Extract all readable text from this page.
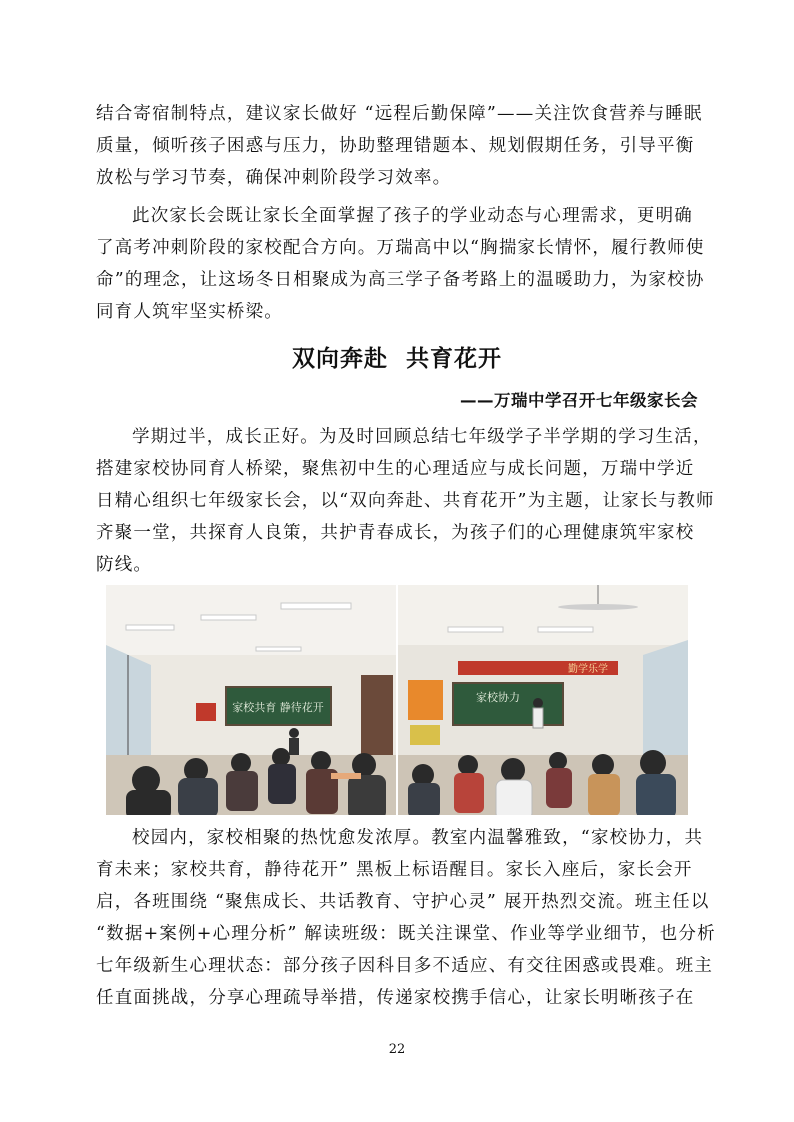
结合寄宿制特点，建议家长做好 “远程后勤保障”——关注饮食营养与睡眠
质量，倾听孩子困惑与压力，协助整理错题本、规划假期任务，引导平衡
放松与学习节奏，确保冲刺阶段学习效率。
此次家长会既让家长全面掌握了孩子的学业动态与心理需求，更明确
了高考冲刺阶段的家校配合方向。万瑞高中以“胸揣家长情怀，履行教师使
命”的理念，让这场冬日相聚成为高三学子备考路上的温暖助力，为家校协
同育人筑牢坚实桥梁。
双向奔赴  共育花开

——万瑞中学召开七年级家长会

学期过半，成长正好。为及时回顾总结七年级学子半学期的学习生活，
搭建家校协同育人桥梁，聚焦初中生的心理适应与成长问题，万瑞中学近
日精心组织七年级家长会，以“双向奔赴、共育花开”为主题，让家长与教师
齐聚一堂，共探育人良策，共护青春成长，为孩子们的心理健康筑牢家校
防线。
家校共育 静待花开
勤学乐学
家校协力
校园内，家校相聚的热忱愈发浓厚。教室内温馨雅致，“家校协力，共
育未来；家校共育，静待花开” 黑板上标语醒目。家长入座后，家长会开
启，各班围绕 “聚焦成长、共话教育、守护心灵” 展开热烈交流。班主任以
“数据+案例+心理分析” 解读班级：既关注课堂、作业等学业细节，也分析
七年级新生心理状态：部分孩子因科目多不适应、有交往困惑或畏难。班主
任直面挑战，分享心理疏导举措，传递家校携手信心，让家长明晰孩子在
22
